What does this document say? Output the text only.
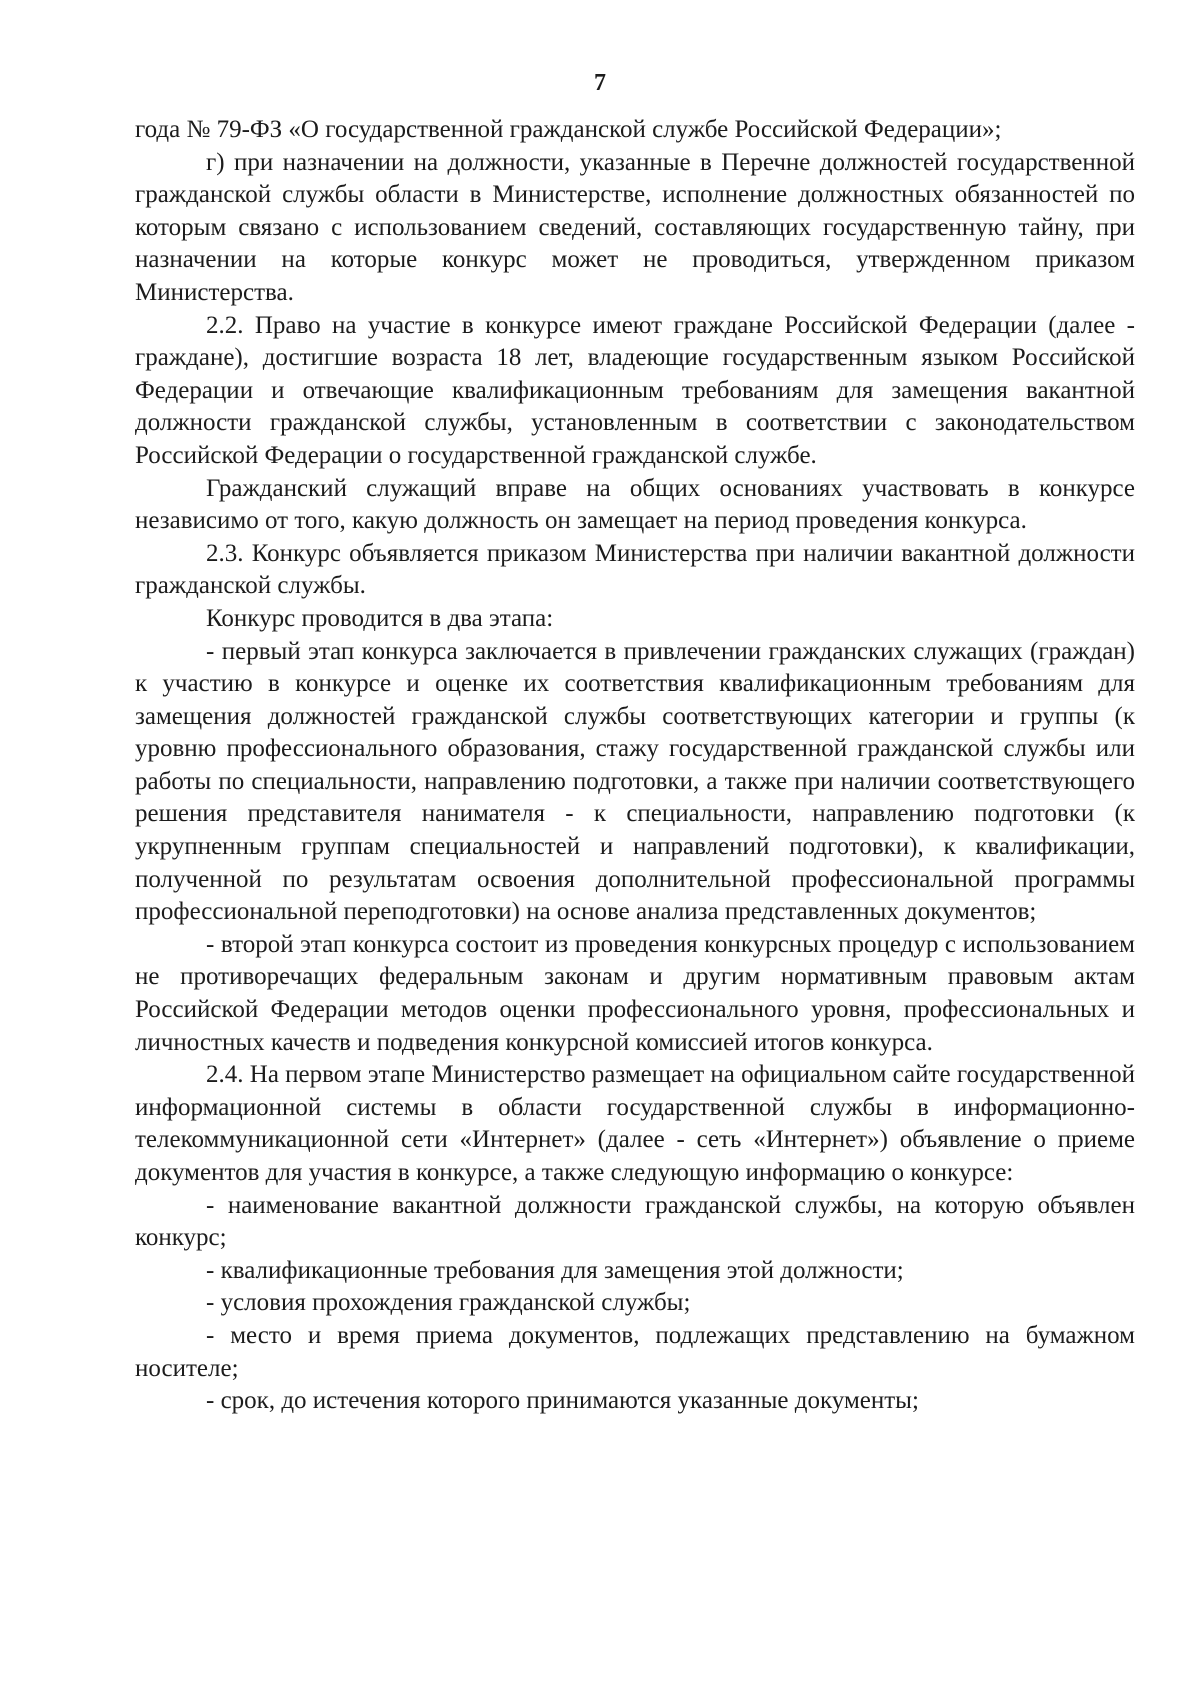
7

года № 79-ФЗ «О государственной гражданской службе Российской Федерации»;

г) при назначении на должности, указанные в Перечне должностей государственной гражданской службы области в Министерстве, исполнение должностных обязанностей по которым связано с использованием сведений, составляющих государственную тайну, при назначении на которые конкурс может не проводиться, утвержденном приказом Министерства.

2.2. Право на участие в конкурсе имеют граждане Российской Федерации (далее - граждане), достигшие возраста 18 лет, владеющие государственным языком Российской Федерации и отвечающие квалификационным требованиям для замещения вакантной должности гражданской службы, установленным в соответствии с законодательством Российской Федерации о государственной гражданской службе.

Гражданский служащий вправе на общих основаниях участвовать в конкурсе независимо от того, какую должность он замещает на период проведения конкурса.

2.3. Конкурс объявляется приказом Министерства при наличии вакантной должности гражданской службы.

Конкурс проводится в два этапа:

- первый этап конкурса заключается в привлечении гражданских служащих (граждан) к участию в конкурсе и оценке их соответствия квалификационным требованиям для замещения должностей гражданской службы соответствующих категории и группы (к уровню профессионального образования, стажу государственной гражданской службы или работы по специальности, направлению подготовки, а также при наличии соответствующего решения представителя нанимателя - к специальности, направлению подготовки (к укрупненным группам специальностей и направлений подготовки), к квалификации, полученной по результатам освоения дополнительной профессиональной программы профессиональной переподготовки) на основе анализа представленных документов;

- второй этап конкурса состоит из проведения конкурсных процедур с использованием не противоречащих федеральным законам и другим нормативным правовым актам Российской Федерации методов оценки профессионального уровня, профессиональных и личностных качеств и подведения конкурсной комиссией итогов конкурса.

2.4. На первом этапе Министерство размещает на официальном сайте государственной информационной системы в области государственной службы в информационно-телекоммуникационной сети «Интернет» (далее - сеть «Интернет») объявление о приеме документов для участия в конкурсе, а также следующую информацию о конкурсе:

- наименование вакантной должности гражданской службы, на которую объявлен конкурс;

- квалификационные требования для замещения этой должности;

- условия прохождения гражданской службы;

- место и время приема документов, подлежащих представлению на бумажном носителе;

- срок, до истечения которого принимаются указанные документы;
